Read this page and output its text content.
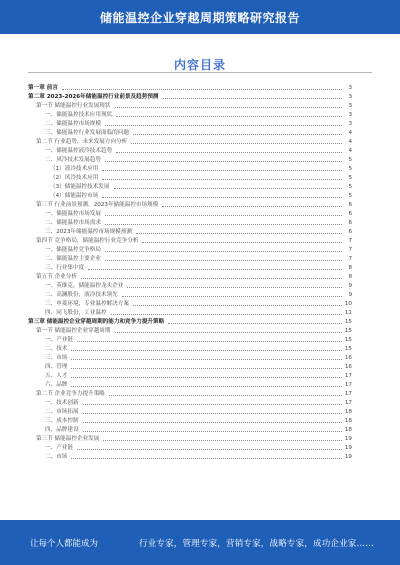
储能温控企业穿越周期策略研究报告
内容目录
第一章 前言	3
第二章 2023-2026年储能温控行业前景及趋势预测	3
第一节 储能温控行业发展现状	3
一、储能温控技术应用现状	3
二、储能温控市场规模	3
三、储能温控行业发展面临的问题	4
第二节 行业趋势，未来发展方向分析	4
一、储能温控液冷技术趋势	4
二、风冷技术发展趋势	5
（1）液冷技术应用	5
（2）风冷技术应用	5
（3）储能温控技术发展	5
（4）储能温控市场	5
第三节 行业前景预测，2023年储能温控市场规模	6
一、储能温控市场发展	6
二、储能温控市场需求	6
三、2023年储能温控市场规模预测	6
第四节 竞争格局，储能温控行业竞争分析	7
一、储能温控竞争格局	7
二、储能温控主要企业	7
三、行业集中度	8
第五节 企业分析	8
一、英维克，储能温控龙头企业	9
二、高澜股份，液冷技术领先	9
三、申菱环境，专业温控解决方案	10
四、同飞股份，工业温控	11
第三章 储能温控企业穿越周期的能力和竞争力提升策略	15
第一节 储能温控企业穿越周期	15
一、产业链	15
二、技术	15
三、市场	16
四、管理	16
五、人才	17
六、品牌	17
第二节 企业竞争力提升策略	17
一、技术创新	17
二、市场拓展	18
三、成本控制	18
四、品牌建设	18
第三节 储能温控企业发展	19
一、产业链	19
二、市场	19
让每个人都能成为	行业专家，管理专家，营销专家，战略专家，成功企业家……
